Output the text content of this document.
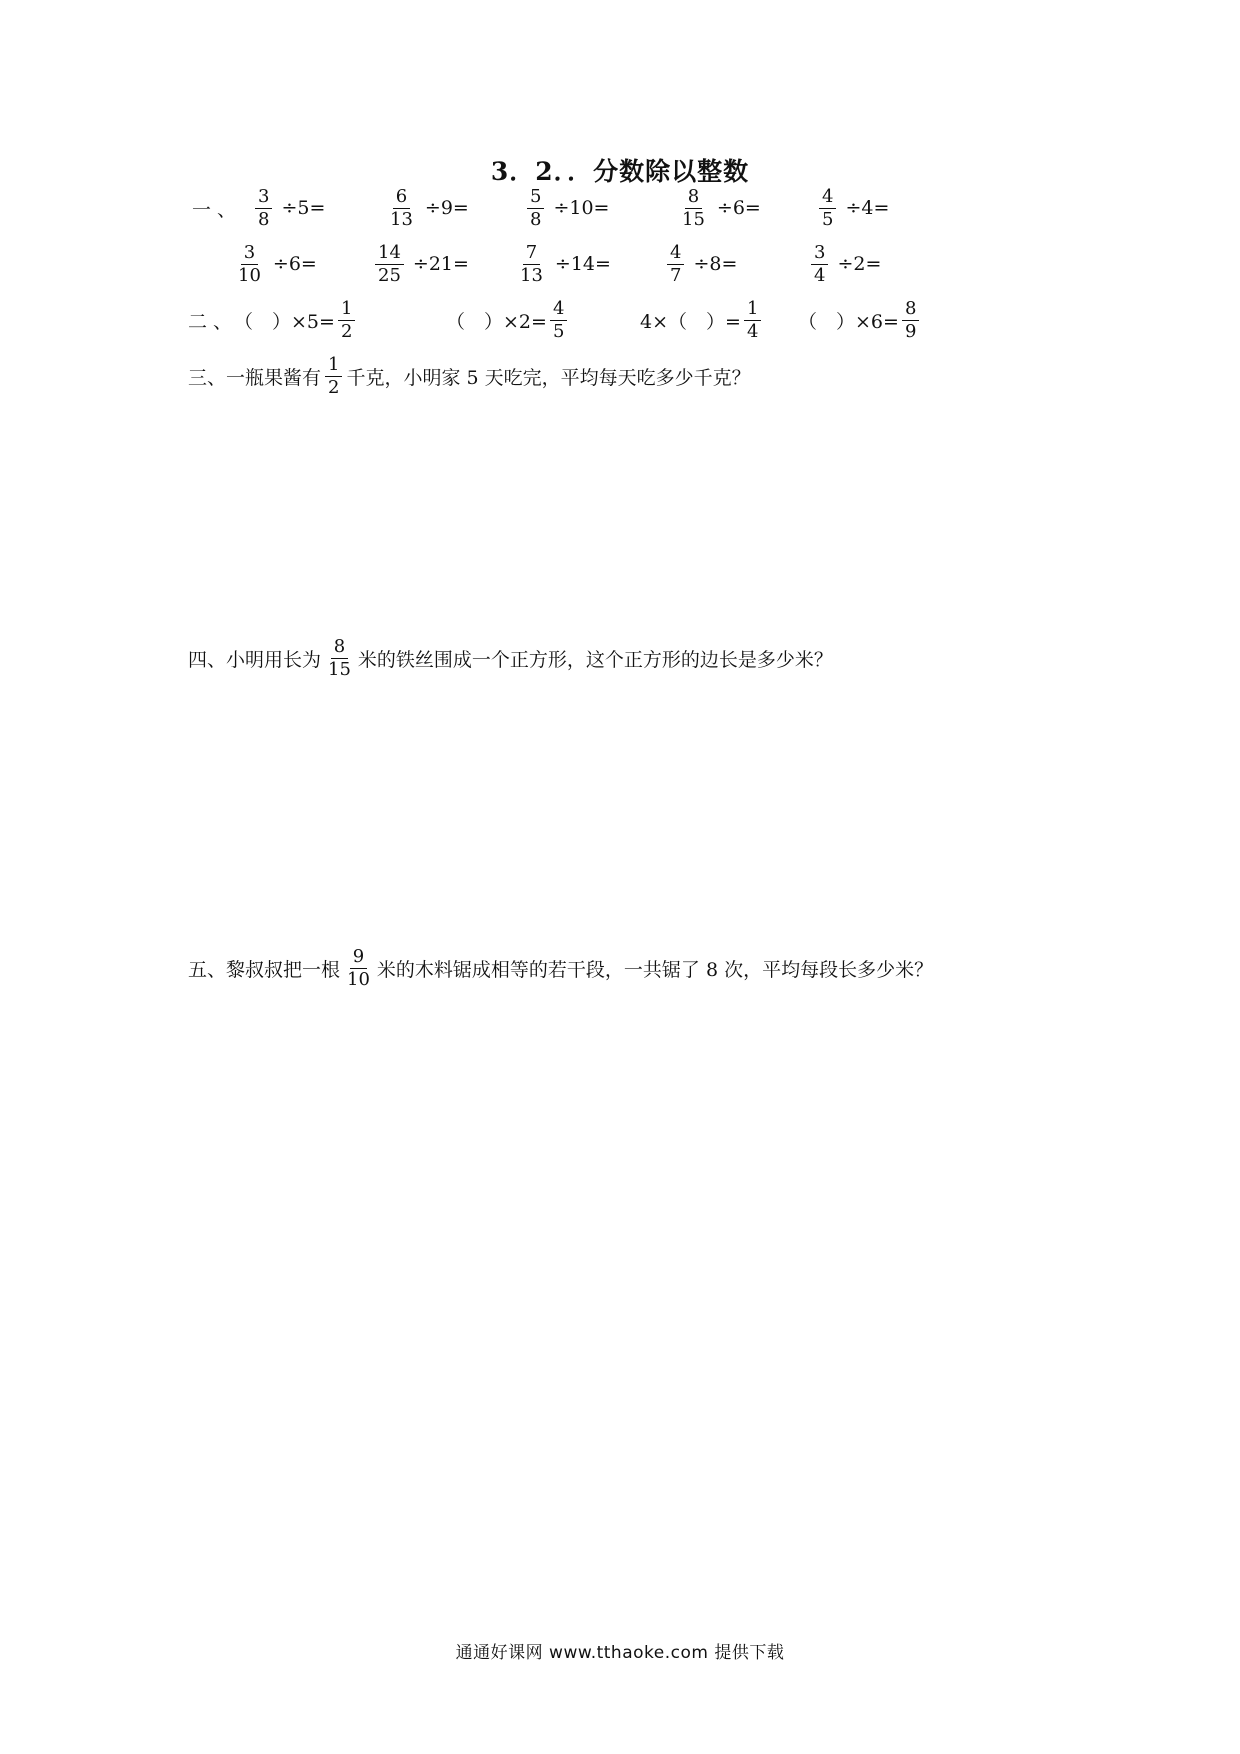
3．2．．分数除以整数
一 、 $\frac{3}{8} \div 5=$	$\frac{6}{13} \div 9=$	$\frac{5}{8} \div 10=$	$\frac{8}{15} \div 6=$	$\frac{4}{5} \div 4=$
$\frac{3}{10} \div 6=$	$\frac{14}{25} \div 21=$	$\frac{7}{13} \div 14=$	$\frac{4}{7} \div 8=$	$\frac{3}{4} \div 2=$
二 、 （　）$\times 5= \frac{1}{2}$	（　）$\times 2= \frac{4}{5}$	4×（　）= $\frac{1}{4}$ （　）$\times 6= \frac{8}{9}$
三、一瓶果酱有 $\frac{1}{2}$ 千克，小明家 5 天吃完，平均每天吃多少千克？
四、小明用长为 $\frac{8}{15}$ 米的铁丝围成一个正方形，这个正方形的边长是多少米？
五、黎叔叔把一根 $\frac{9}{10}$ 米的木料锯成相等的若干段，一共锯了 8 次，平均每段长多少米？
通通好课网 www.tthaoke.com 提供下载
